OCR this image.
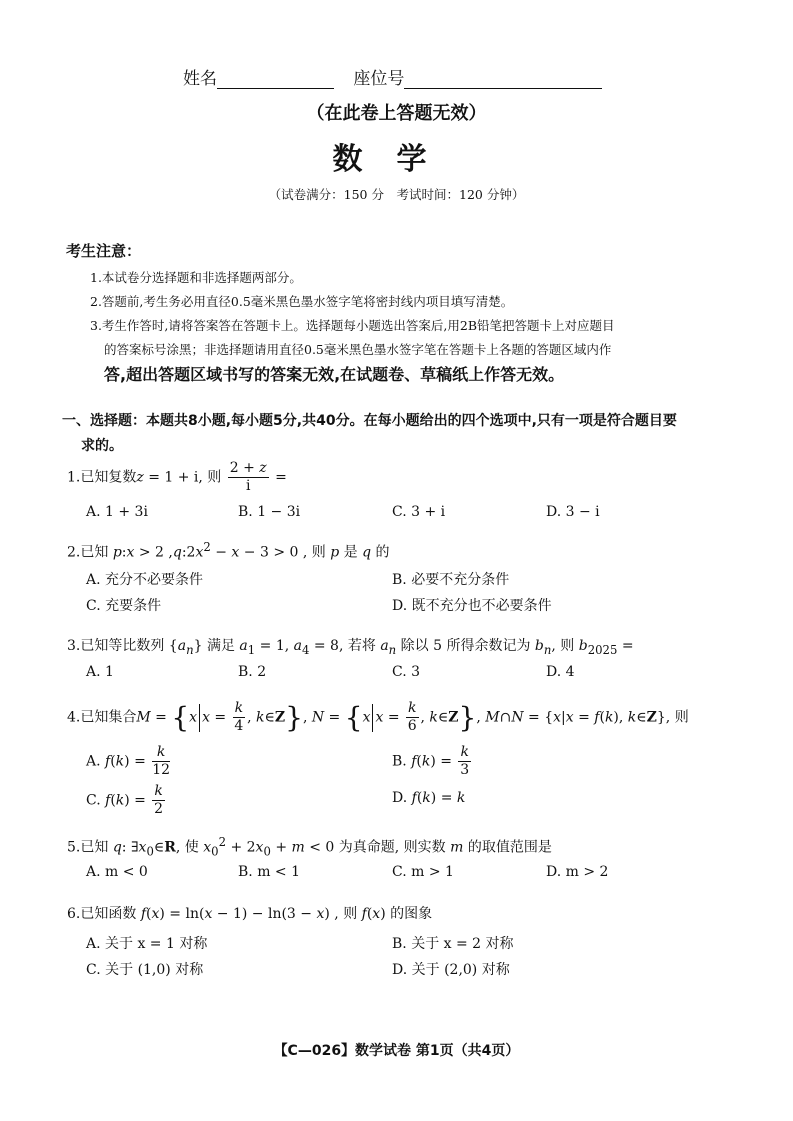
姓名	座位号
（在此卷上答题无效）
数学
（试卷满分：150 分　考试时间：120 分钟）
考生注意：
1.本试卷分选择题和非选择题两部分。
2.答题前,考生务必用直径0.5毫米黑色墨水签字笔将密封线内项目填写清楚。
3.考生作答时,请将答案答在答题卡上。选择题每小题选出答案后,用2B铅笔把答题卡上对应题目
的答案标号涂黑；非选择题请用直径0.5毫米黑色墨水签字笔在答题卡上各题的答题区域内作
答,超出答题区域书写的答案无效,在试题卷、草稿纸上作答无效。
一、选择题：本题共8小题,每小题5分,共40分。在每小题给出的四个选项中,只有一项是符合题目要
求的。
1.已知复数z = 1 + i, 则 $\frac{2 + z}{i}$ =
A. 1 + 3i	B. 1 − 3i	C. 3 + i	D. 3 − i
2.已知 p:x > 2 $,q:2x^2 - x - 3 > 0$ , 则 p 是 q 的
A. 充分不必要条件	B. 必要不充分条件
C. 充要条件	D. 既不充分也不必要条件
3.已知等比数列 $\{a_n\}$ 满足 $a_1 = 1$, $a_4 = 8$, 若将 $a_n$ 除以 5 所得余数记为 $b_n$, 则 $b_{2025}$ =
A. 1	B. 2	C. 3	D. 4
4.已知集合M = {x $x = \frac{k}{4}$ , k∈Z}, N = {x $x = \frac{k}{6}$ , k∈Z}, M∩N = {x|x = f(k), k∈Z}, 则
A. $f(k) = \frac{k}{12}$	B. $f(k) = \frac{k}{3}$
C. $f(k) = \frac{k}{2}$	D. f(k) = k
5.已知 q: $\exists x_0\in R$, 使 $x_0^2 + 2x_0 + m < 0$ 为真命题, 则实数 m 的取值范围是
A. m < 0	B. m < 1	C. m > 1	D. m > 2
6.已知函数 f(x) = ln(x − 1) − ln(3 − x) , 则 f(x) 的图象
A. 关于 x = 1 对称	B. 关于 x = 2 对称
C. 关于 (1,0) 对称	D. 关于 (2,0) 对称
【C—026】数学试卷 第1页（共4页）
